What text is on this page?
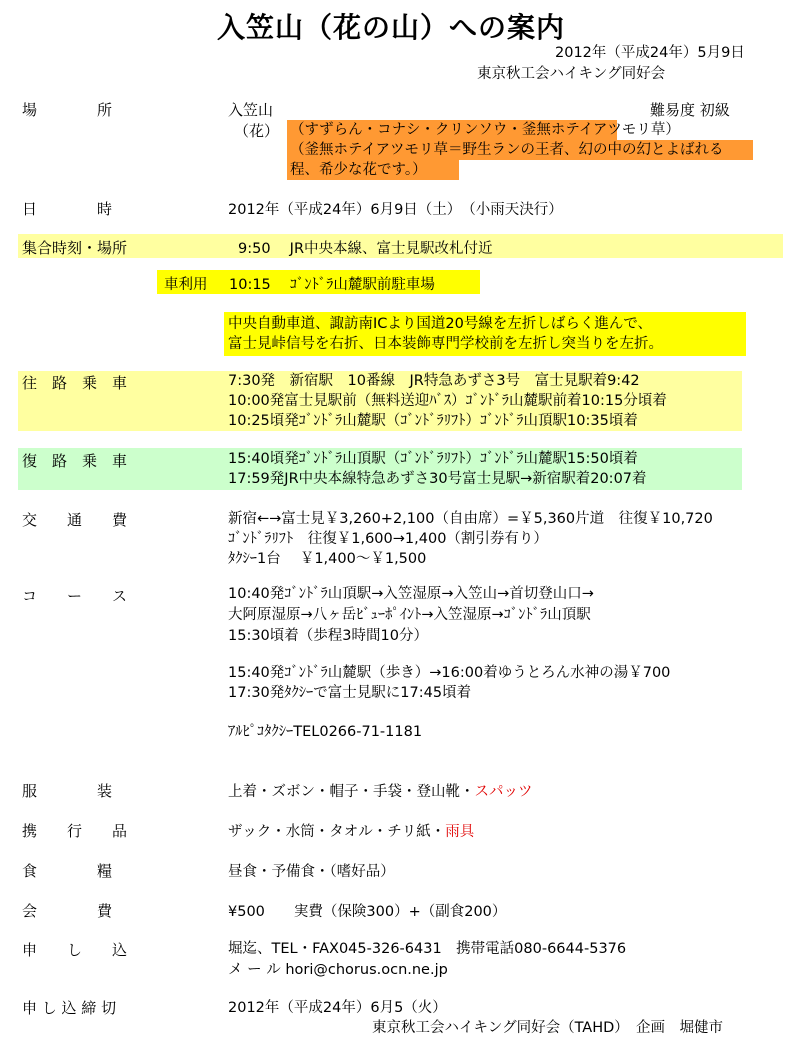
入笠山（花の山）への案内
2012年（平成24年）5月9日
東京秋工会ハイキング同好会
場　　　　所	入笠山	難易度 初級
（花） （すずらん・コナシ・クリンソウ・釜無ホテイアツモリ草）
（釜無ホテイアツモリ草＝野生ランの王者、幻の中の幻とよばれる
程、希少な花です。）
日　　　　時	2012年（平成24年）6月9日（土）　（小雨天決行）
集合時刻・場所	9:50　 JR中央本線、富士見駅改札付近
車利用 10:15　 ｺﾞﾝﾄﾞﾗ山麓駅前駐車場
中央自動車道、諏訪南ICより国道20号線を左折しばらく進んで、
富士見峠信号を右折、日本装飾専門学校前を左折し突当りを左折。
往　路　乗　車	7:30発　新宿駅　10番線　JR特急あずさ3号　富士見駅着9:42
10:00発富士見駅前（無料送迎ﾊﾞｽ）ｺﾞﾝﾄﾞﾗ山麓駅前着10:15分頃着
10:25頃発ｺﾞﾝﾄﾞﾗ山麓駅（ｺﾞﾝﾄﾞﾗﾘﾌﾄ）ｺﾞﾝﾄﾞﾗ山頂駅10:35頃着
復　路　乗　車	15:40頃発ｺﾞﾝﾄﾞﾗ山頂駅（ｺﾞﾝﾄﾞﾗﾘﾌﾄ）ｺﾞﾝﾄﾞﾗ山麓駅15:50頃着
17:59発JR中央本線特急あずさ30号富士見駅→新宿駅着20:07着
交　　通　　費	新宿←→富士見￥3,260+2,100（自由席）=￥5,360片道　往復￥10,720
ｺﾞﾝﾄﾞﾗﾘﾌﾄ　往復￥1,600→1,400（割引券有り）
ﾀｸｼｰ1台　 ￥1,400～￥1,500
コ　　ー　　ス	10:40発ｺﾞﾝﾄﾞﾗ山頂駅→入笠湿原→入笠山→首切登山口→
大阿原湿原→八ヶ岳ﾋﾞｭｰﾎﾟｲﾝﾄ→入笠湿原→ｺﾞﾝﾄﾞﾗ山頂駅
15:30頃着（歩程3時間10分）
15:40発ｺﾞﾝﾄﾞﾗ山麓駅（歩き）→16:00着ゆうとろん水神の湯￥700
17:30発ﾀｸｼｰで富士見駅に17:45頃着
ｱﾙﾋﾟｺﾀｸｼｰTEL0266-71-1181
服　　　　装	上着・ズボン・帽子・手袋・登山靴・スパッツ
携　　行　　品	ザック・水筒・タオル・チリ紙・雨具
食　　　　糧	昼食・予備食・（嗜好品）
会　　　　費	¥500　　実費（保険300）+（副食200）
申　　し　　込	堀迄、TEL・FAX045-326-6431　携帯電話080-6644-5376
メ ー ル hori@chorus.ocn.ne.jp
申 し 込 締 切	2012年（平成24年）6月5（火）
東京秋工会ハイキング同好会（TAHD）　企画　堀健市
